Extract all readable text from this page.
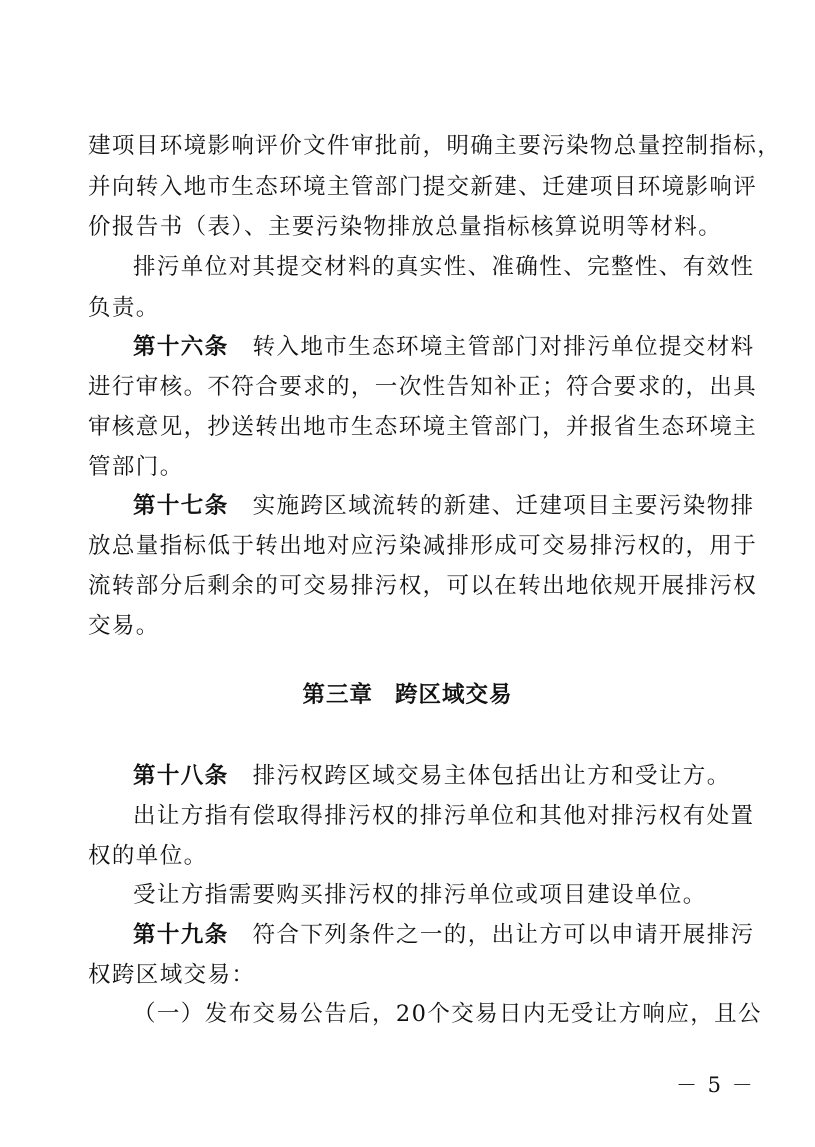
建项目环境影响评价文件审批前，明确主要污染物总量控制指标，
并向转入地市生态环境主管部门提交新建、迁建项目环境影响评
价报告书（表）、主要污染物排放总量指标核算说明等材料。
排污单位对其提交材料的真实性、准确性、完整性、有效性
负责。
第十六条 转入地市生态环境主管部门对排污单位提交材料
进行审核。不符合要求的，一次性告知补正；符合要求的，出具
审核意见，抄送转出地市生态环境主管部门，并报省生态环境主
管部门。
第十七条 实施跨区域流转的新建、迁建项目主要污染物排
放总量指标低于转出地对应污染减排形成可交易排污权的，用于
流转部分后剩余的可交易排污权，可以在转出地依规开展排污权
交易。
第三章 跨区域交易
第十八条 排污权跨区域交易主体包括出让方和受让方。
出让方指有偿取得排污权的排污单位和其他对排污权有处置
权的单位。
受让方指需要购买排污权的排污单位或项目建设单位。
第十九条 符合下列条件之一的，出让方可以申请开展排污
权跨区域交易：
（一）发布交易公告后，20个交易日内无受让方响应，且公
－ 5 －
